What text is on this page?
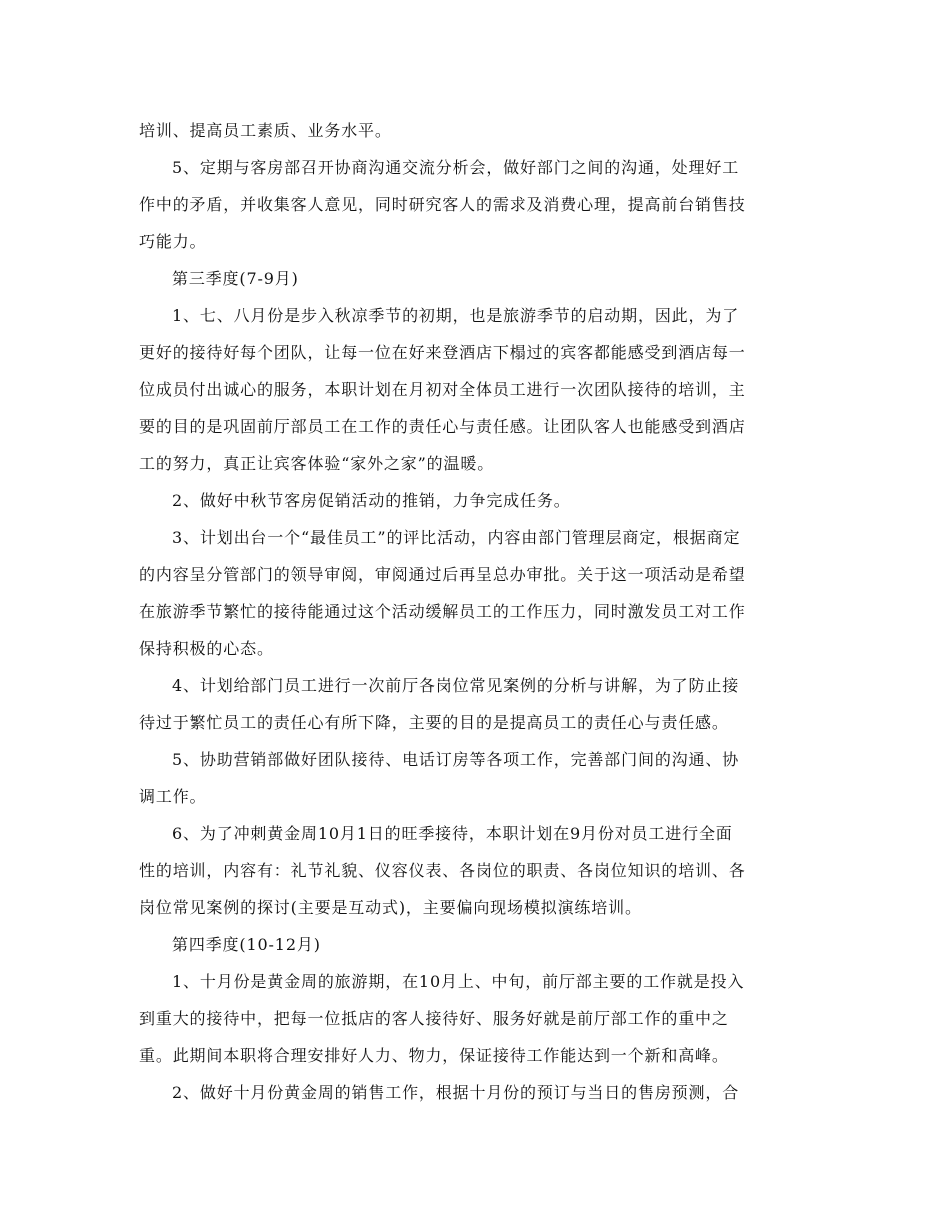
培训、提高员工素质、业务水平。
5、定期与客房部召开协商沟通交流分析会，做好部门之间的沟通，处理好工
作中的矛盾，并收集客人意见，同时研究客人的需求及消费心理，提高前台销售技
巧能力。
第三季度(7-9月)
1、七、八月份是步入秋凉季节的初期，也是旅游季节的启动期，因此，为了
更好的接待好每个团队，让每一位在好来登酒店下榻过的宾客都能感受到酒店每一
位成员付出诚心的服务，本职计划在月初对全体员工进行一次团队接待的培训，主
要的目的是巩固前厅部员工在工作的责任心与责任感。让团队客人也能感受到酒店
工的努力，真正让宾客体验“家外之家”的温暖。
2、做好中秋节客房促销活动的推销，力争完成任务。
3、计划出台一个“最佳员工”的评比活动，内容由部门管理层商定，根据商定
的内容呈分管部门的领导审阅，审阅通过后再呈总办审批。关于这一项活动是希望
在旅游季节繁忙的接待能通过这个活动缓解员工的工作压力，同时激发员工对工作
保持积极的心态。
4、计划给部门员工进行一次前厅各岗位常见案例的分析与讲解，为了防止接
待过于繁忙员工的责任心有所下降，主要的目的是提高员工的责任心与责任感。
5、协助营销部做好团队接待、电话订房等各项工作，完善部门间的沟通、协
调工作。
6、为了冲刺黄金周10月1日的旺季接待，本职计划在9月份对员工进行全面
性的培训，内容有：礼节礼貌、仪容仪表、各岗位的职责、各岗位知识的培训、各
岗位常见案例的探讨(主要是互动式)，主要偏向现场模拟演练培训。
第四季度(10-12月)
1、十月份是黄金周的旅游期，在10月上、中旬，前厅部主要的工作就是投入
到重大的接待中，把每一位抵店的客人接待好、服务好就是前厅部工作的重中之
重。此期间本职将合理安排好人力、物力，保证接待工作能达到一个新和高峰。
2、做好十月份黄金周的销售工作，根据十月份的预订与当日的售房预测，合
